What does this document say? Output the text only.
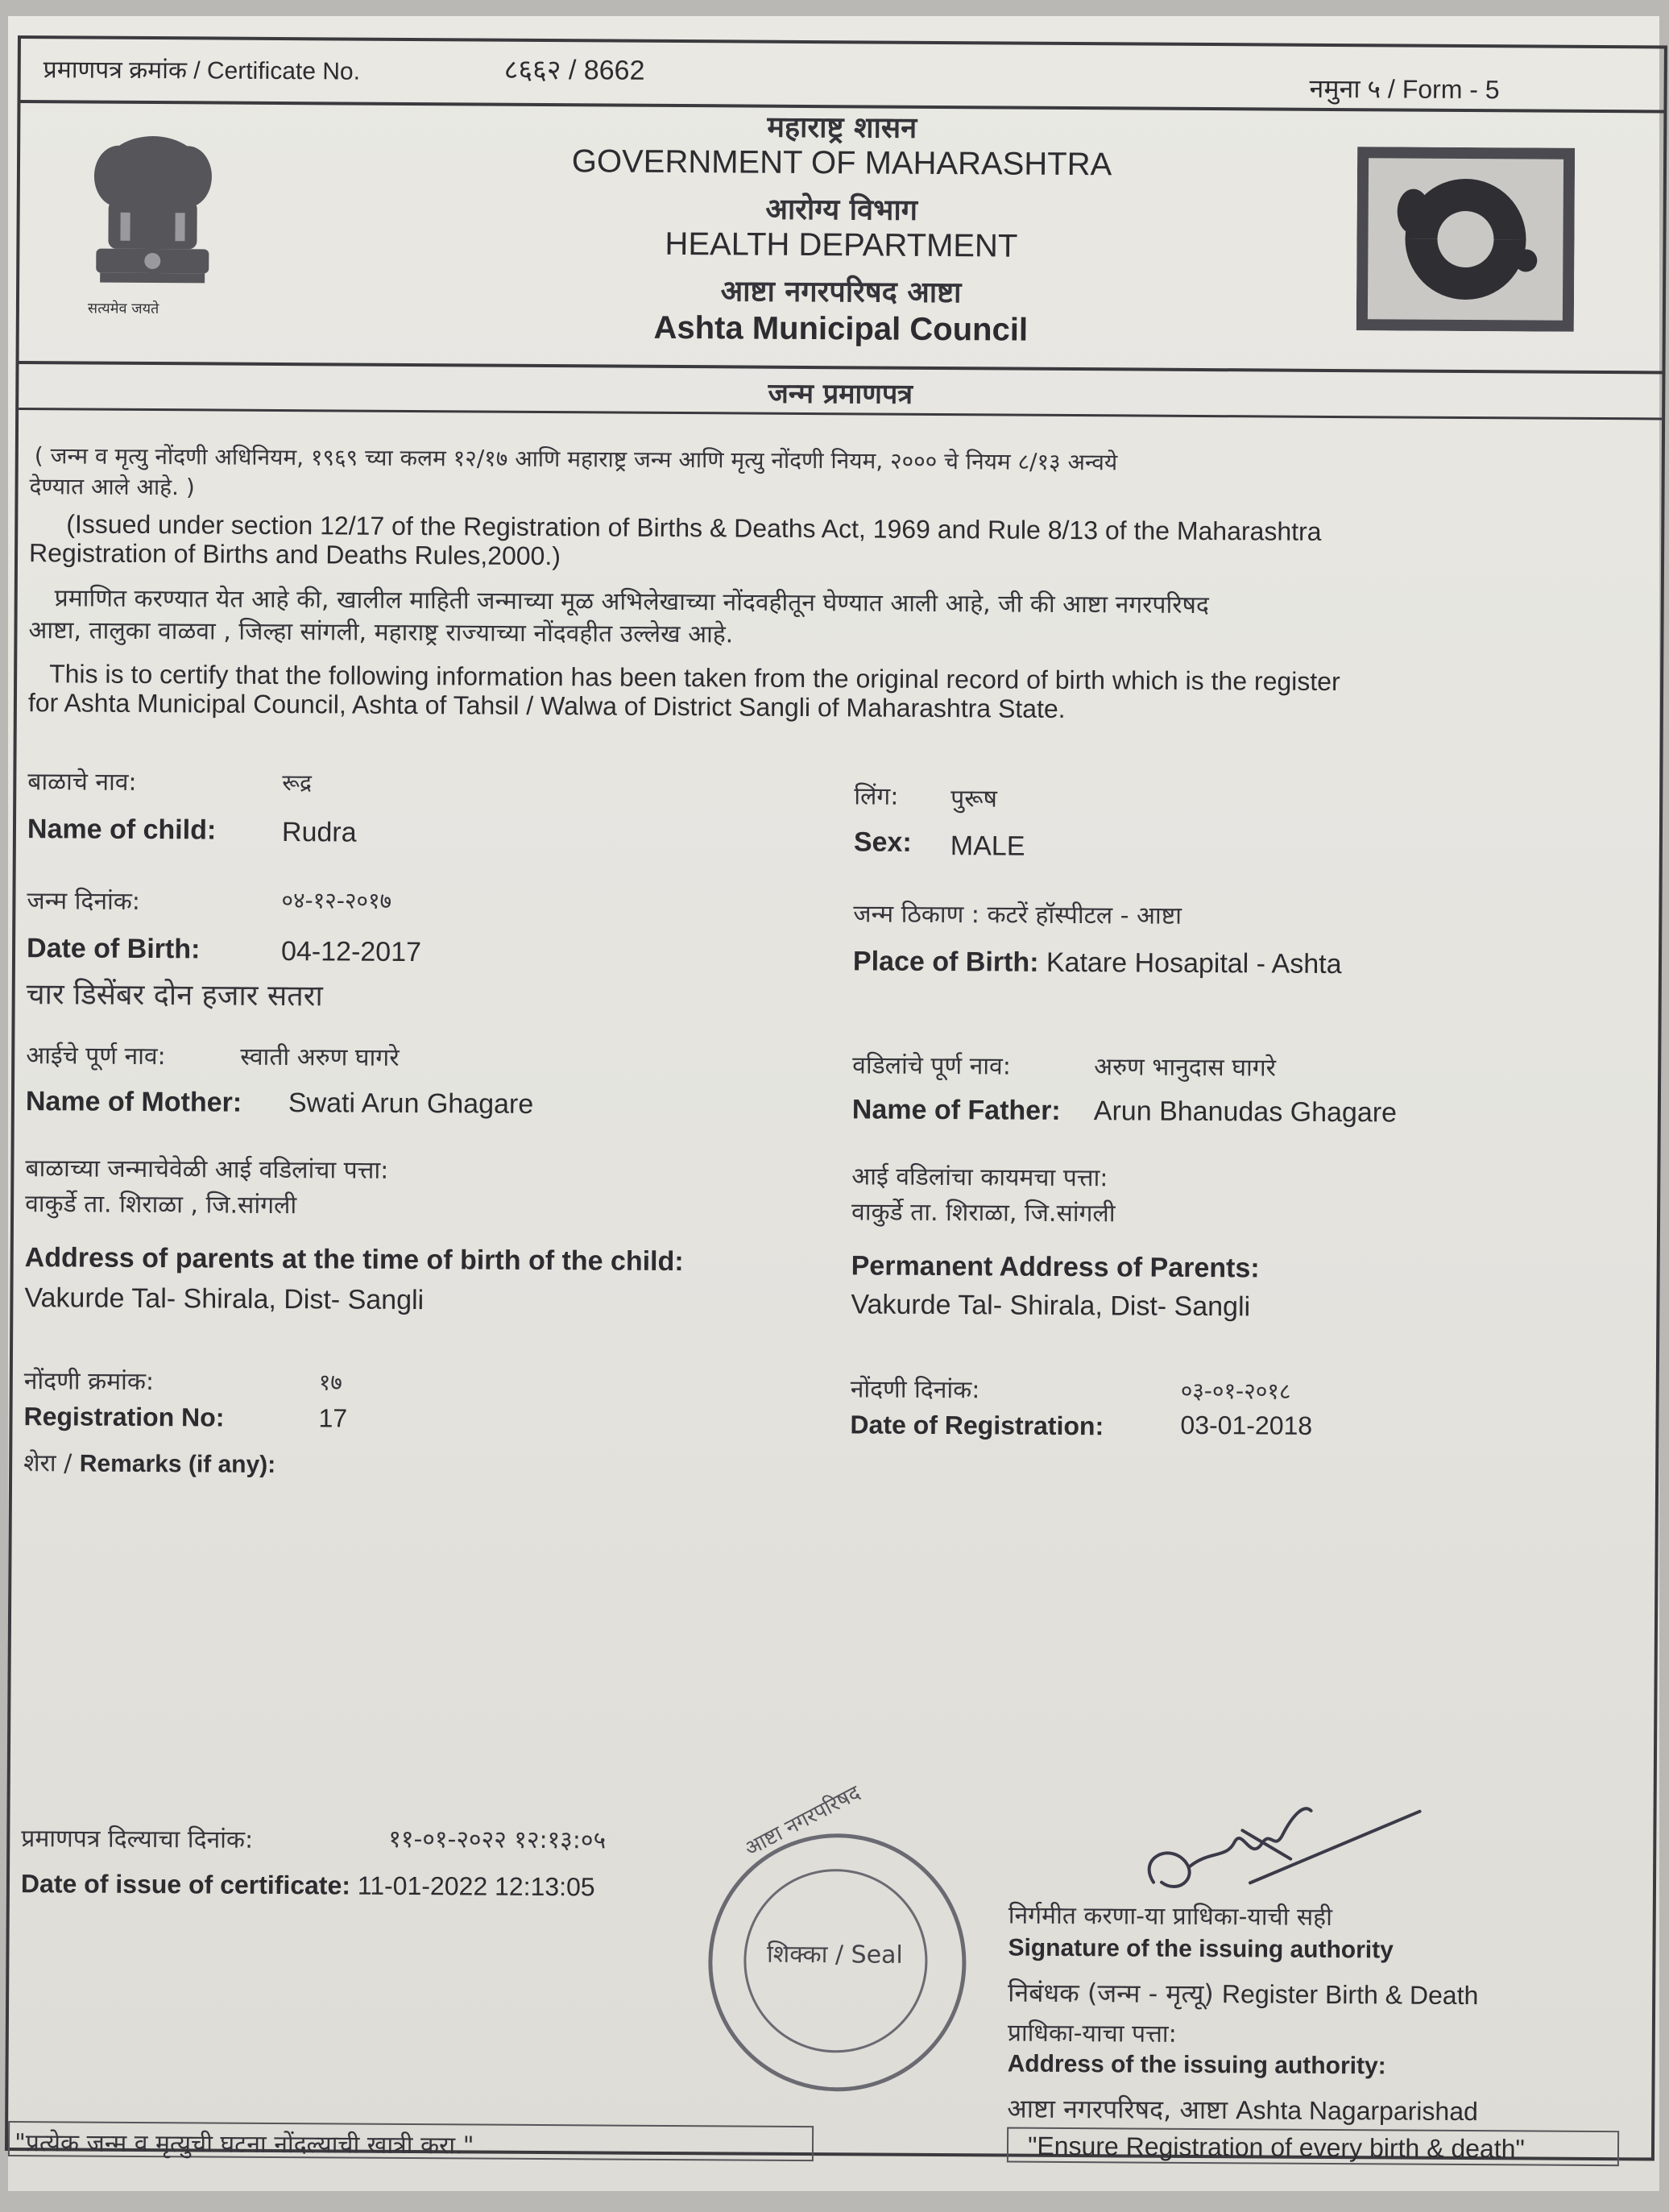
प्रमाणपत्र क्रमांक / Certificate No.	८६६२ / 8662
नमुना ५ / Form - 5
सत्यमेव जयते
महाराष्ट्र शासन
GOVERNMENT OF MAHARASHTRA
आरोग्य विभाग
HEALTH DEPARTMENT
आष्टा नगरपरिषद आष्टा
Ashta Municipal Council
जन्म प्रमाणपत्र
( जन्म व मृत्यु नोंदणी अधिनियम, १९६९ च्या कलम १२/१७ आणि महाराष्ट्र जन्म आणि मृत्यु नोंदणी नियम, २००० चे नियम ८/१३ अन्वये
देण्यात आले आहे. )
(Issued under section 12/17 of the Registration of Births & Deaths Act, 1969 and Rule 8/13 of the Maharashtra
Registration of Births and Deaths Rules,2000.)
प्रमाणित करण्यात येत आहे की, खालील माहिती जन्माच्या मूळ अभिलेखाच्या नोंदवहीतून घेण्यात आली आहे, जी की आष्टा नगरपरिषद
आष्टा, तालुका वाळवा , जिल्हा सांगली, महाराष्ट्र राज्याच्या नोंदवहीत उल्लेख आहे.
This is to certify that the following information has been taken from the original record of birth which is the register
for Ashta Municipal Council, Ashta of Tahsil / Walwa of District Sangli of Maharashtra State.
बाळाचे नाव:	रूद्र
Name of child: Rudra
जन्म दिनांक:	०४-१२-२०१७
Date of Birth:	04-12-2017
चार डिसेंबर दोन हजार सतरा
आईचे पूर्ण नाव:	स्वाती अरुण घागरे
Name of Mother: Swati Arun Ghagare
बाळाच्या जन्माचेवेळी आई वडिलांचा पत्ता:
वाकुर्डे ता. शिराळा , जि.सांगली
Address of parents at the time of birth of the child:
Vakurde Tal- Shirala, Dist- Sangli
नोंदणी क्रमांक:	१७
Registration No:	17
शेरा / Remarks (if any):
लिंग: पुरूष
Sex: MALE
जन्म ठिकाण : कटरें हॉस्पीटल - आष्टा
Place of Birth: Katare Hosapital - Ashta
वडिलांचे पूर्ण नाव:	अरुण भानुदास घागरे
Name of Father: Arun Bhanudas Ghagare
आई वडिलांचा कायमचा पत्ता:
वाकुर्डे ता. शिराळा, जि.सांगली
Permanent Address of Parents:
Vakurde Tal- Shirala, Dist- Sangli
नोंदणी दिनांक:	०३-०१-२०१८
Date of Registration:	03-01-2018
प्रमाणपत्र दिल्याचा दिनांक:	११-०१-२०२२ १२:१३:०५
Date of issue of certificate: 11-01-2022 12:13:05
आष्टा नगरपरिषद
शिक्का / Seal
निर्गमीत करणा-या प्राधिका-याची सही
Signature of the issuing authority
निबंधक (जन्म - मृत्यू) Register Birth & Death
प्राधिका-याचा पत्ता:
Address of the issuing authority:
आष्टा नगरपरिषद, आष्टा Ashta Nagarparishad
"प्रत्येक जन्म व मृत्युची घटना नोंदल्याची खात्री करा."	"Ensure Registration of every birth & death"
